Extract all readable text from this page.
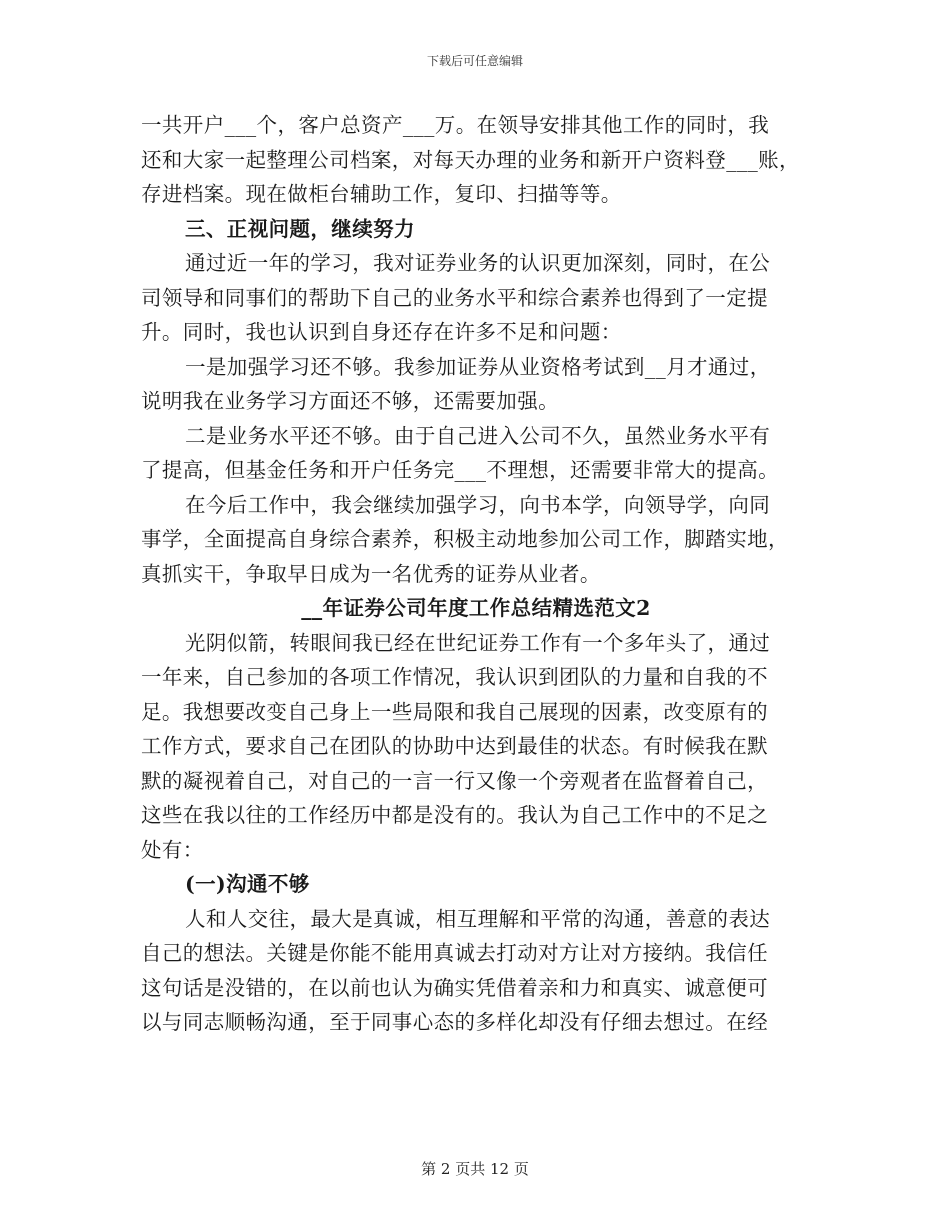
下载后可任意编辑
一共开户___个，客户总资产___万。在领导安排其他工作的同时，我
还和大家一起整理公司档案，对每天办理的业务和新开户资料登___账，
存进档案。现在做柜台辅助工作，复印、扫描等等。
三、正视问题，继续努力
通过近一年的学习，我对证券业务的认识更加深刻，同时，在公
司领导和同事们的帮助下自己的业务水平和综合素养也得到了一定提
升。同时，我也认识到自身还存在许多不足和问题：
一是加强学习还不够。我参加证券从业资格考试到__月才通过，
说明我在业务学习方面还不够，还需要加强。
二是业务水平还不够。由于自己进入公司不久，虽然业务水平有
了提高，但基金任务和开户任务完___不理想，还需要非常大的提高。
在今后工作中，我会继续加强学习，向书本学，向领导学，向同
事学，全面提高自身综合素养，积极主动地参加公司工作，脚踏实地，
真抓实干，争取早日成为一名优秀的证券从业者。
__年证券公司年度工作总结精选范文2
光阴似箭，转眼间我已经在世纪证券工作有一个多年头了，通过
一年来，自己参加的各项工作情况，我认识到团队的力量和自我的不
足。我想要改变自己身上一些局限和我自己展现的因素，改变原有的
工作方式，要求自己在团队的协助中达到最佳的状态。有时候我在默
默的凝视着自己，对自己的一言一行又像一个旁观者在监督着自己，
这些在我以往的工作经历中都是没有的。我认为自己工作中的不足之
处有：
(一)沟通不够
人和人交往，最大是真诚，相互理解和平常的沟通，善意的表达
自己的想法。关键是你能不能用真诚去打动对方让对方接纳。我信任
这句话是没错的，在以前也认为确实凭借着亲和力和真实、诚意便可
以与同志顺畅沟通，至于同事心态的多样化却没有仔细去想过。在经
第 2 页共 12 页
